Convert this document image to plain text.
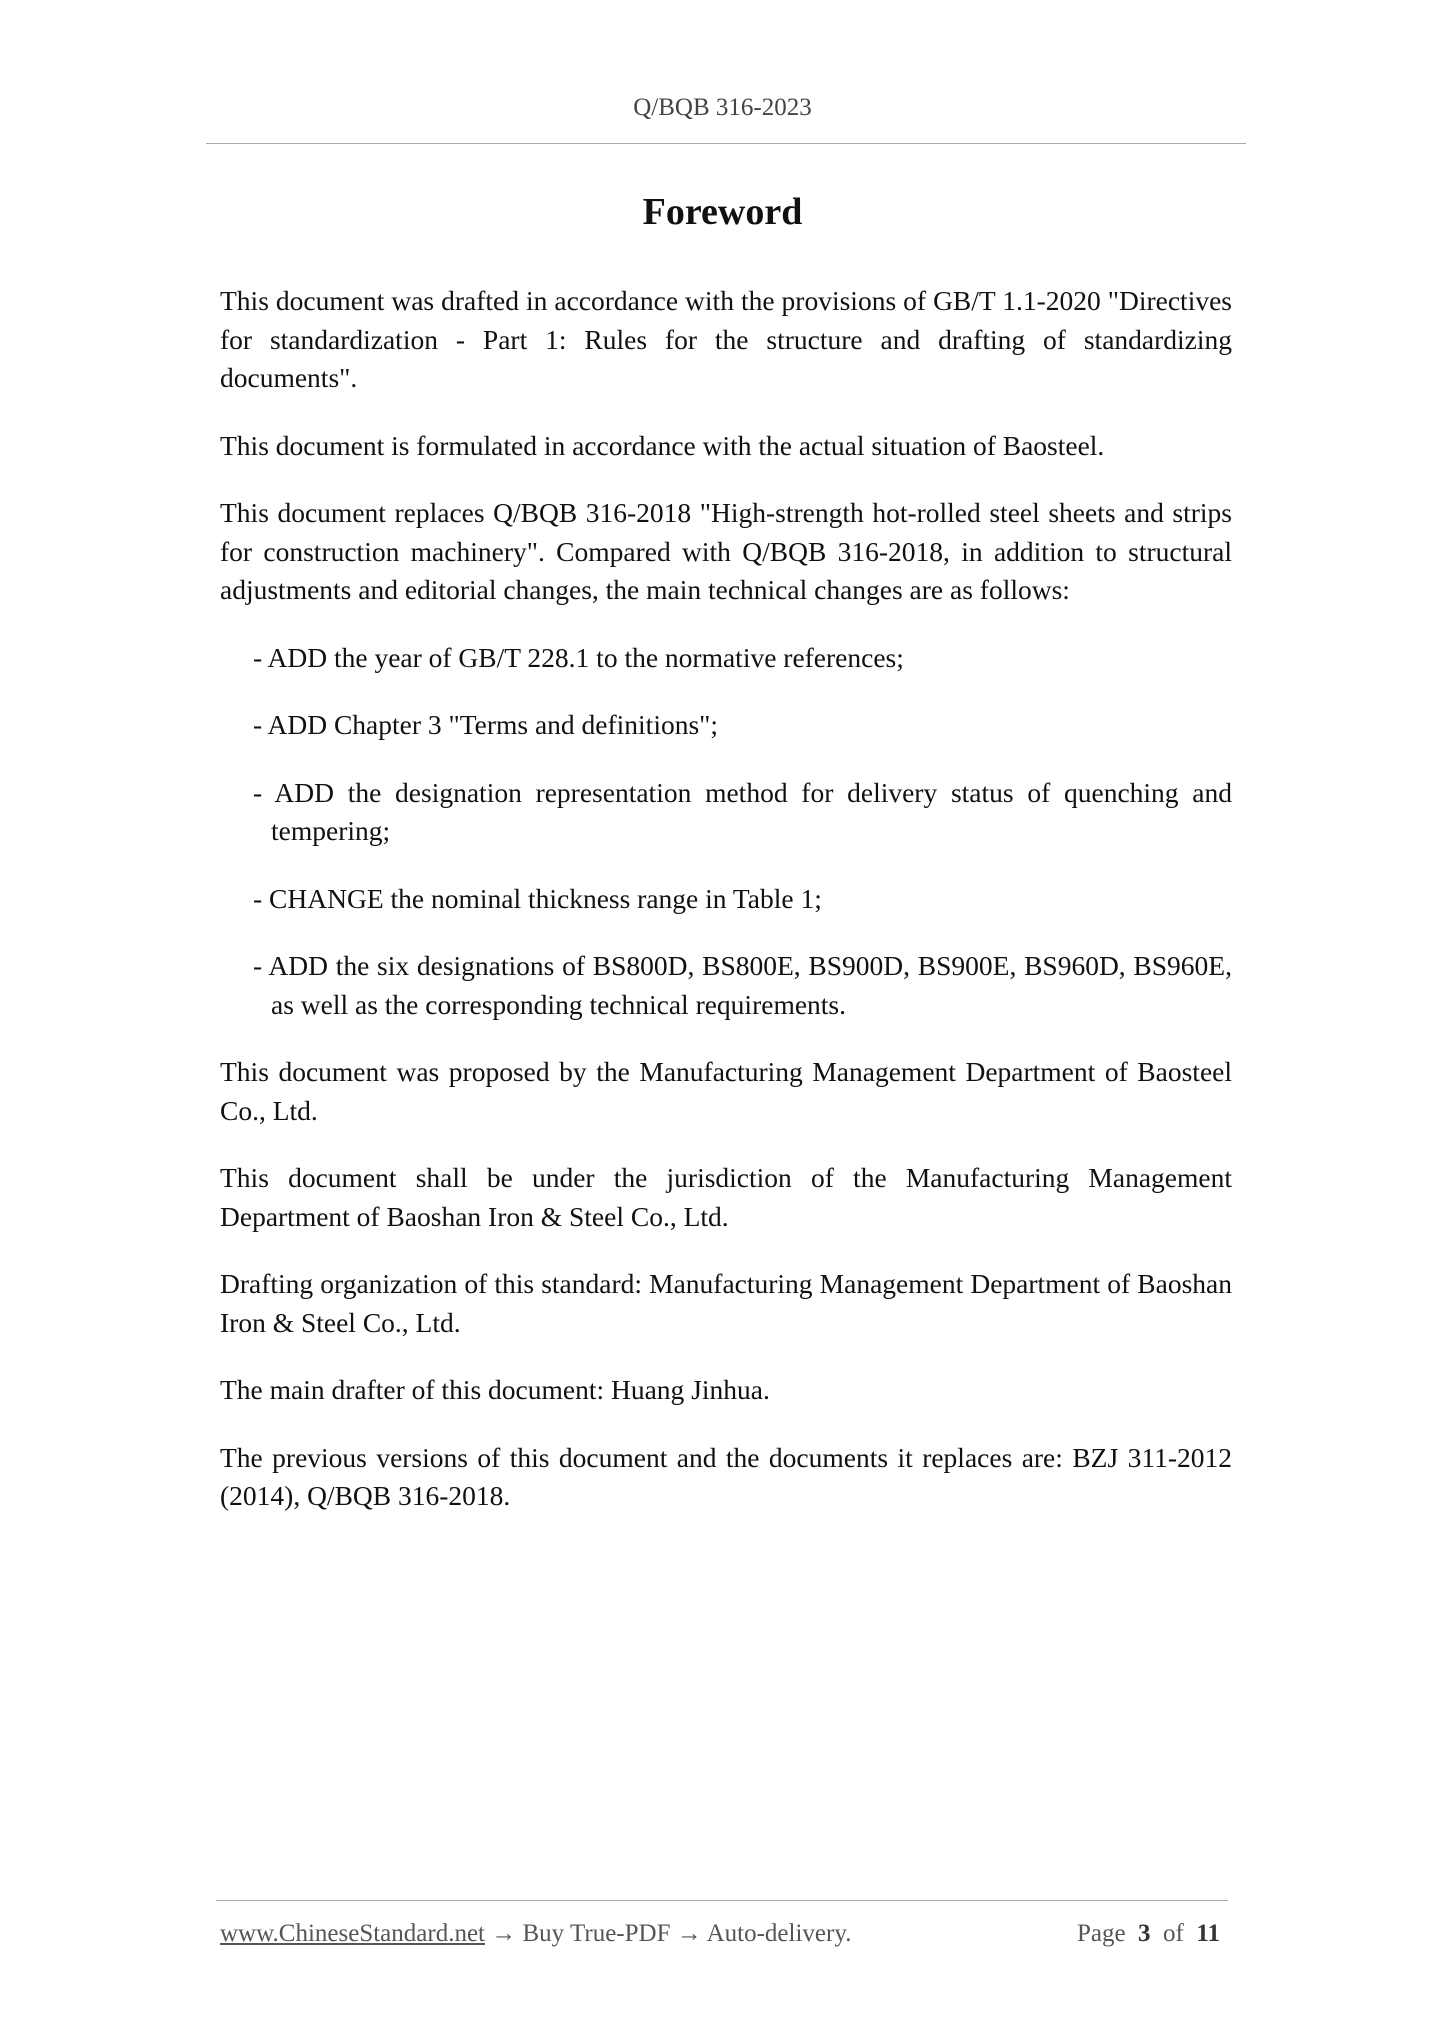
Q/BQB 316-2023
Foreword

This document was drafted in accordance with the provisions of GB/T 1.1-2020 "Directives for standardization - Part 1: Rules for the structure and drafting of standardizing documents".

This document is formulated in accordance with the actual situation of Baosteel.

This document replaces Q/BQB 316-2018 "High-strength hot-rolled steel sheets and strips for construction machinery". Compared with Q/BQB 316-2018, in addition to structural adjustments and editorial changes, the main technical changes are as follows:

- ADD the year of GB/T 228.1 to the normative references;
- ADD Chapter 3 "Terms and definitions";
- ADD the designation representation method for delivery status of quenching and tempering;
- CHANGE the nominal thickness range in Table 1;
- ADD the six designations of BS800D, BS800E, BS900D, BS900E, BS960D, BS960E, as well as the corresponding technical requirements.

This document was proposed by the Manufacturing Management Department of Baosteel Co., Ltd.

This document shall be under the jurisdiction of the Manufacturing Management Department of Baoshan Iron & Steel Co., Ltd.

Drafting organization of this standard: Manufacturing Management Department of Baoshan Iron & Steel Co., Ltd.

The main drafter of this document: Huang Jinhua.

The previous versions of this document and the documents it replaces are: BZJ 311-2012 (2014), Q/BQB 316-2018.

www.ChineseStandard.net → Buy True-PDF → Auto-delivery.	Page 3 of 11
